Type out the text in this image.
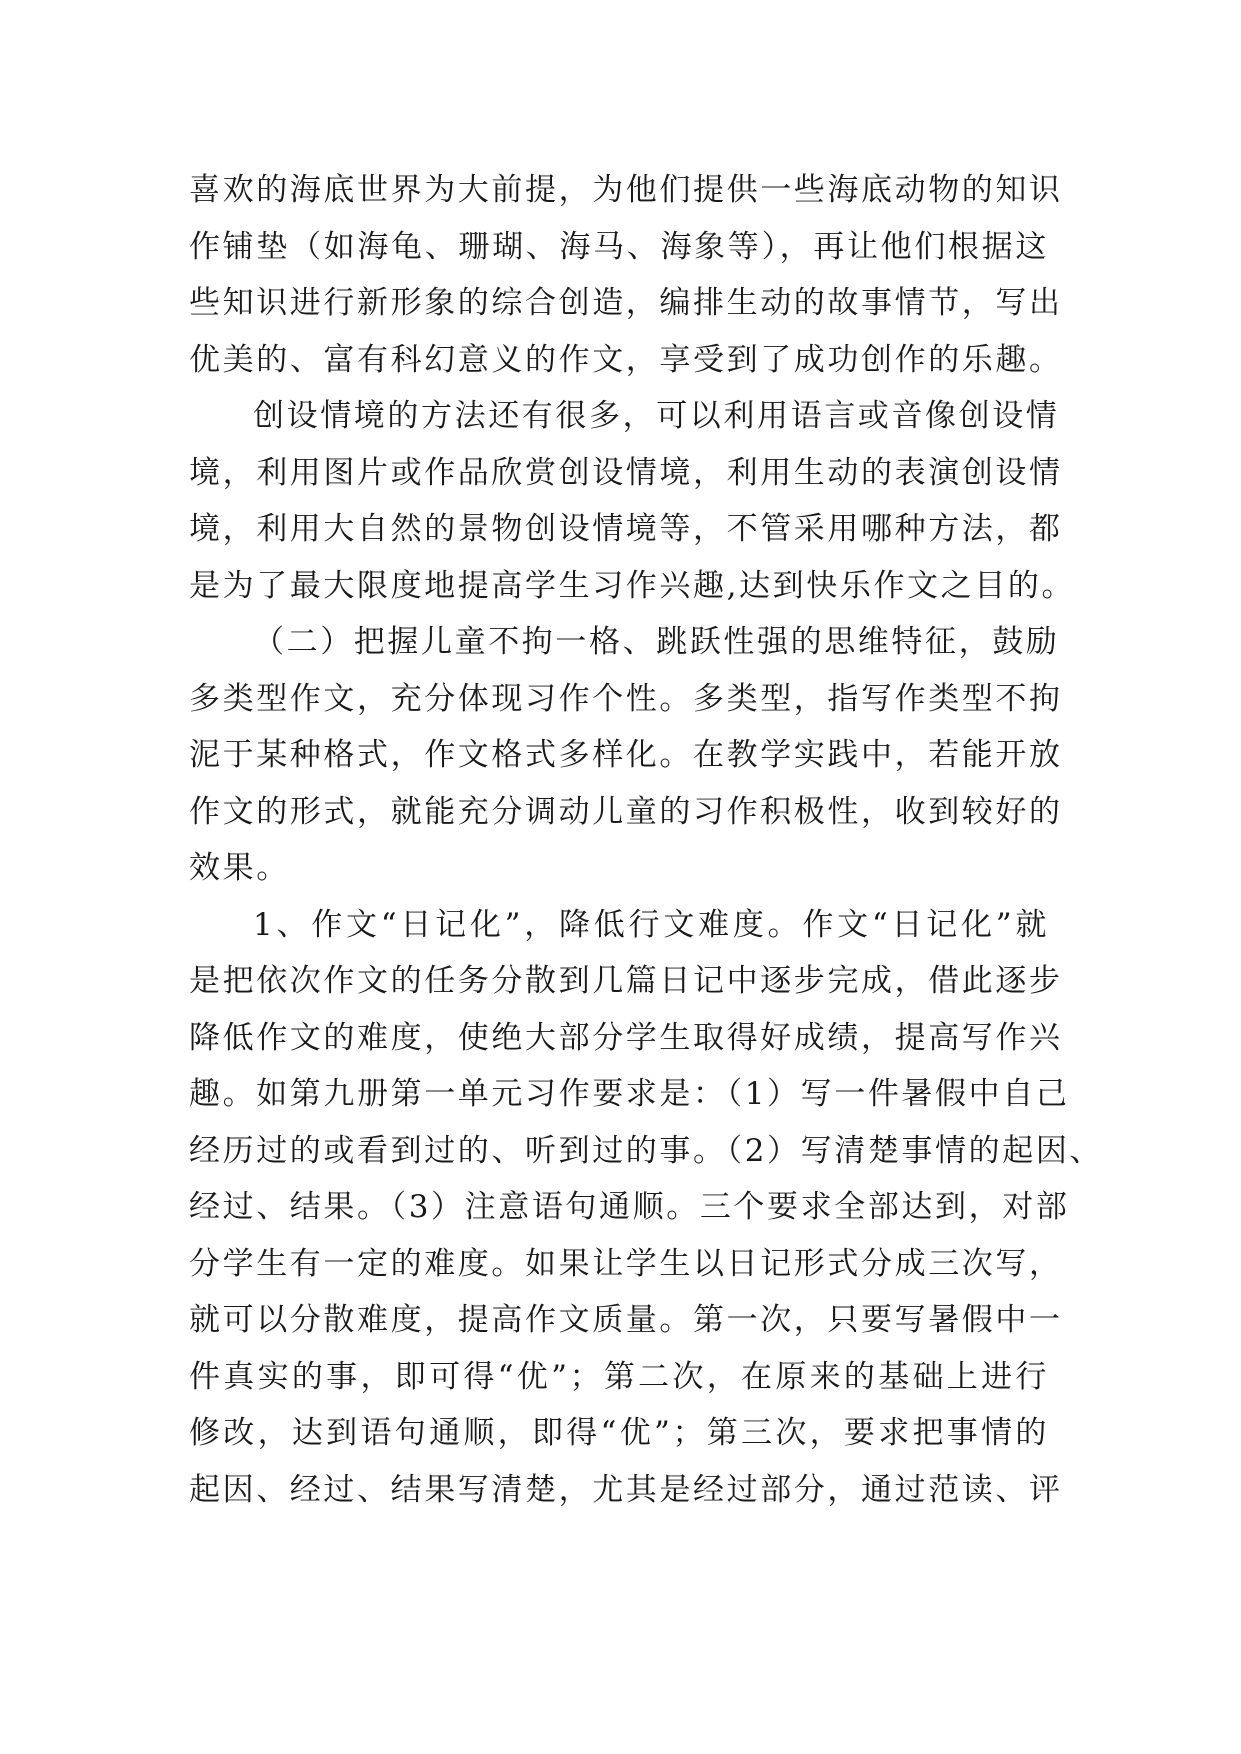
喜欢的海底世界为大前提，为他们提供一些海底动物的知识
作铺垫（如海龟、珊瑚、海马、海象等），再让他们根据这
些知识进行新形象的综合创造，编排生动的故事情节，写出
优美的、富有科幻意义的作文，享受到了成功创作的乐趣。
创设情境的方法还有很多，可以利用语言或音像创设情
境，利用图片或作品欣赏创设情境，利用生动的表演创设情
境，利用大自然的景物创设情境等，不管采用哪种方法，都
是为了最大限度地提高学生习作兴趣,达到快乐作文之目的。
（二）把握儿童不拘一格、跳跃性强的思维特征，鼓励
多类型作文，充分体现习作个性。多类型，指写作类型不拘
泥于某种格式，作文格式多样化。在教学实践中，若能开放
作文的形式，就能充分调动儿童的习作积极性，收到较好的
效果。
1、作文“日记化”，降低行文难度。作文“日记化”就
是把依次作文的任务分散到几篇日记中逐步完成，借此逐步
降低作文的难度，使绝大部分学生取得好成绩，提高写作兴
趣。如第九册第一单元习作要求是：（1）写一件暑假中自己
经历过的或看到过的、听到过的事。（2）写清楚事情的起因、
经过、结果。（3）注意语句通顺。三个要求全部达到，对部
分学生有一定的难度。如果让学生以日记形式分成三次写，
就可以分散难度，提高作文质量。第一次，只要写暑假中一
件真实的事，即可得“优”；第二次，在原来的基础上进行
修改，达到语句通顺，即得“优”；第三次，要求把事情的
起因、经过、结果写清楚，尤其是经过部分，通过范读、评
